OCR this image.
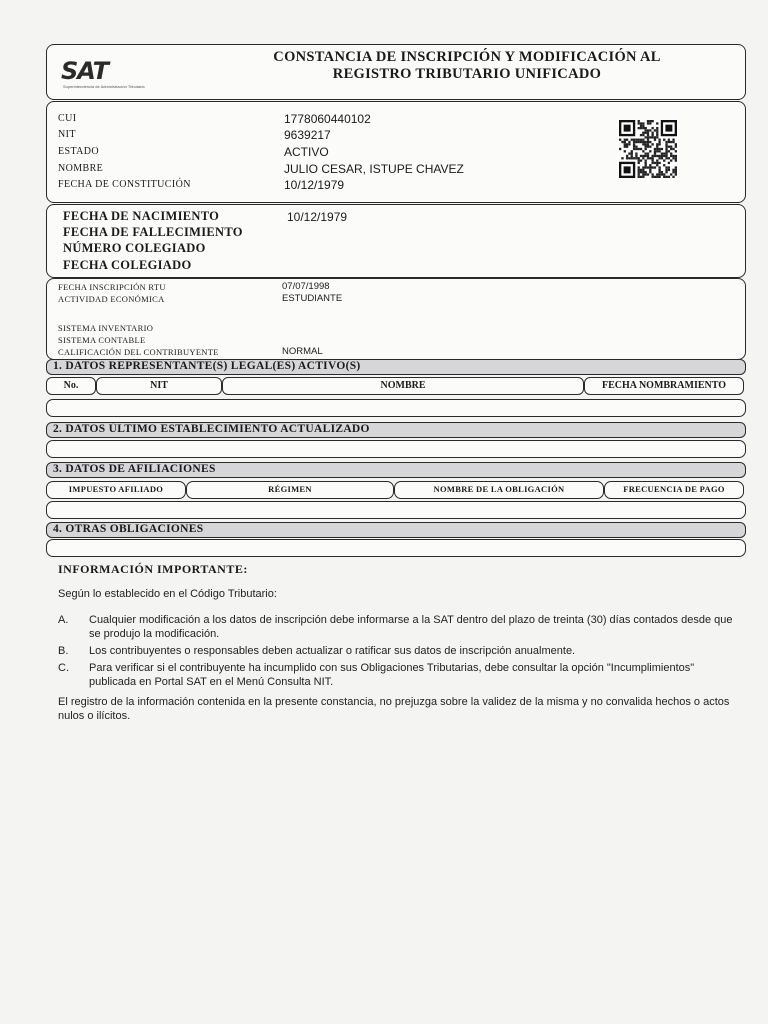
SAT
Superintendencia de Administración Tributaria
CONSTANCIA DE INSCRIPCIÓN Y MODIFICACIÓN AL
REGISTRO TRIBUTARIO UNIFICADO
CUI	1778060440102
NIT	9639217
ESTADO	ACTIVO
NOMBRE	JULIO CESAR, ISTUPE CHAVEZ
FECHA DE CONSTITUCIÓN	10/12/1979
FECHA DE NACIMIENTO	10/12/1979
FECHA DE FALLECIMIENTO
NÚMERO COLEGIADO
FECHA COLEGIADO
FECHA INSCRIPCIÓN RTU	07/07/1998
ACTIVIDAD ECONÓMICA	ESTUDIANTE
SISTEMA INVENTARIO
SISTEMA CONTABLE
CALIFICACIÓN DEL CONTRIBUYENTE	NORMAL
1. DATOS REPRESENTANTE(S) LEGAL(ES) ACTIVO(S)
No.	NIT	NOMBRE	FECHA NOMBRAMIENTO
2. DATOS ÚLTIMO ESTABLECIMIENTO ACTUALIZADO
3. DATOS DE AFILIACIONES
IMPUESTO AFILIADO	RÉGIMEN	NOMBRE DE LA OBLIGACIÓN	FRECUENCIA DE PAGO
4. OTRAS OBLIGACIONES
INFORMACIÓN IMPORTANTE:
Según lo establecido en el Código Tributario:
A. Cualquier modificación a los datos de inscripción debe informarse a la SAT dentro del plazo de treinta (30) días contados desde que se produjo la modificación.
B. Los contribuyentes o responsables deben actualizar o ratificar sus datos de inscripción anualmente.
C. Para verificar si el contribuyente ha incumplido con sus Obligaciones Tributarias, debe consultar la opción "Incumplimientos" publicada en Portal SAT en el Menú Consulta NIT.
El registro de la información contenida en la presente constancia, no prejuzga sobre la validez de la misma y no convalida hechos o actos nulos o ilícitos.
